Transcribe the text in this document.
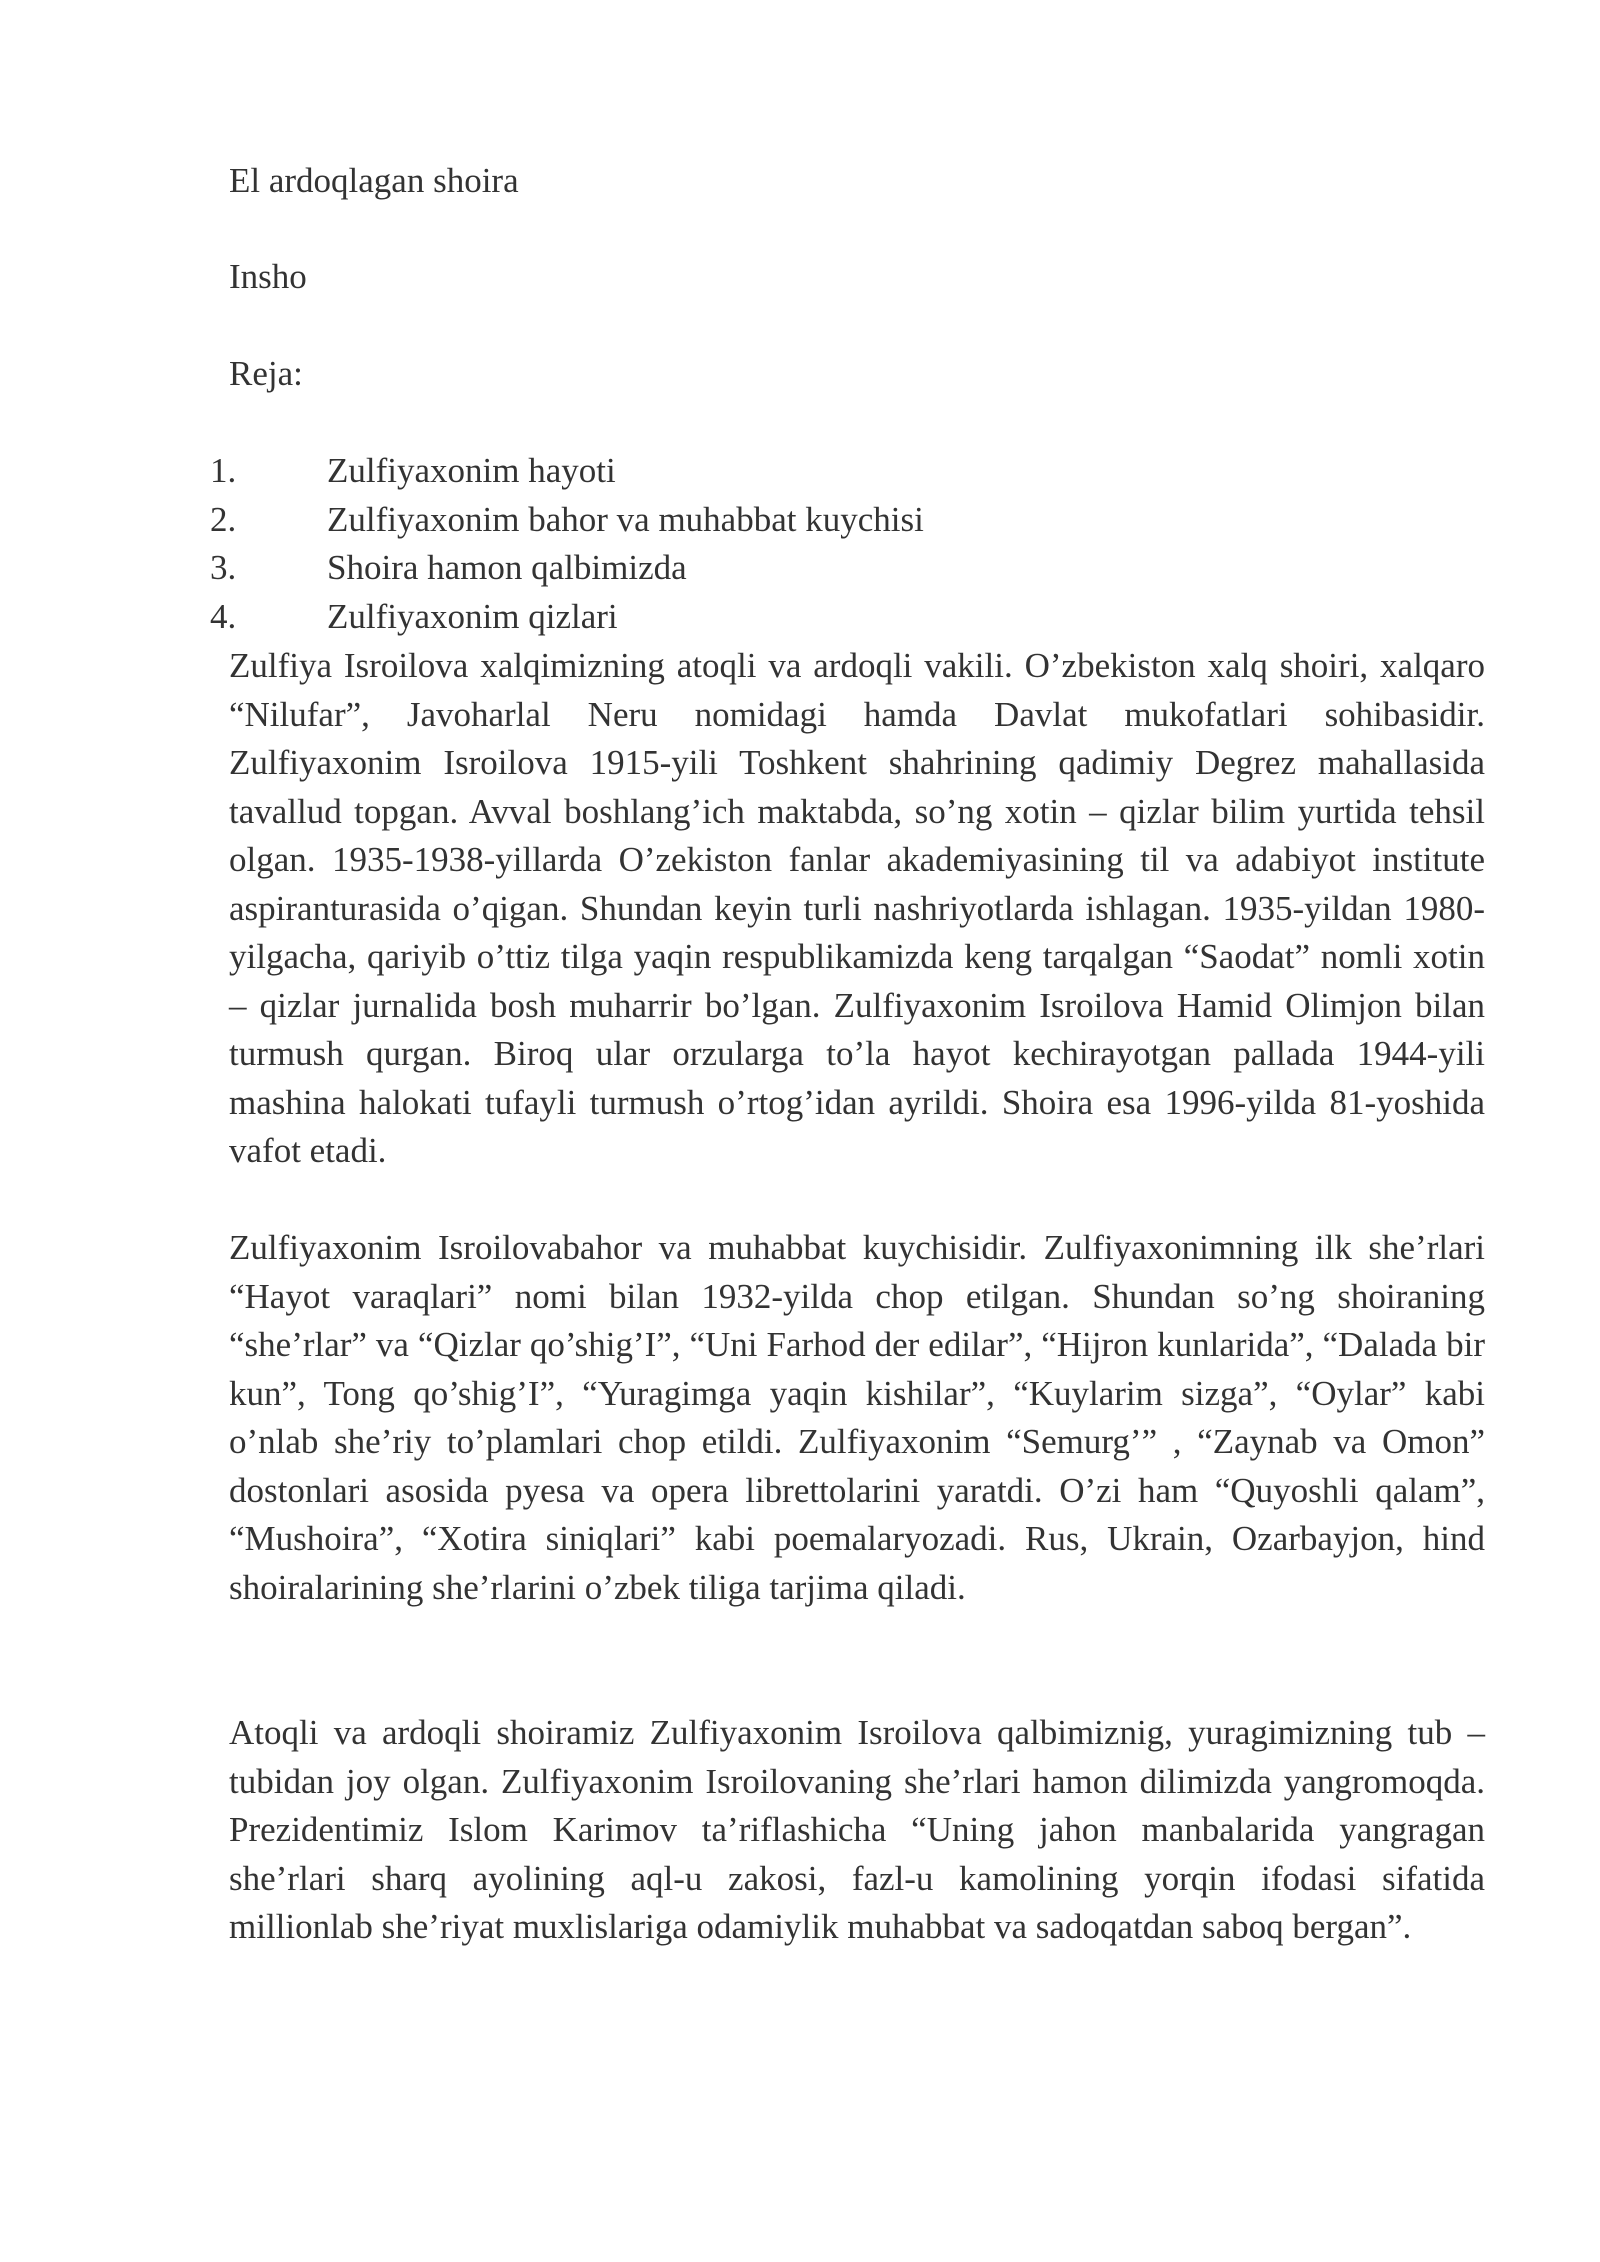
El ardoqlagan shoira
Insho
Reja:
1.	Zulfiyaxonim hayoti
2.	Zulfiyaxonim bahor va muhabbat kuychisi
3.	Shoira hamon qalbimizda
4.	Zulfiyaxonim qizlari

Zulfiya Isroilova xalqimizning atoqli va ardoqli vakili. O’zbekiston xalq shoiri, xalqaro “Nilufar”, Javoharlal Neru nomidagi hamda Davlat mukofatlari sohibasidir. Zulfiyaxonim Isroilova 1915-yili Toshkent shahrining qadimiy Degrez mahallasida tavallud topgan. Avval boshlang’ich maktabda, so’ng xotin – qizlar bilim yurtida tehsil olgan. 1935-1938-yillarda O’zekiston fanlar akademiyasining til va adabiyot institute aspiranturasida o’qigan. Shundan keyin turli nashriyotlarda ishlagan. 1935-yildan 1980-yilgacha, qariyib o’ttiz tilga yaqin respublikamizda keng tarqalgan “Saodat” nomli xotin – qizlar jurnalida bosh muharrir bo’lgan. Zulfiyaxonim Isroilova Hamid Olimjon bilan turmush qurgan. Biroq ular orzularga to’la hayot kechirayotgan pallada 1944-yili mashina halokati tufayli turmush o’rtog’idan ayrildi. Shoira esa 1996-yilda 81-yoshida vafot etadi.

Zulfiyaxonim Isroilovabahor va muhabbat kuychisidir. Zulfiyaxonimning ilk she’rlari “Hayot varaqlari” nomi bilan 1932-yilda chop etilgan. Shundan so’ng shoiraning “she’rlar” va “Qizlar qo’shig’I”, “Uni Farhod der edilar”, “Hijron kunlarida”, “Dalada bir kun”, Tong qo’shig’I”, “Yuragimga yaqin kishilar”, “Kuylarim sizga”, “Oylar” kabi o’nlab she’riy to’plamlari chop etildi. Zulfiyaxonim “Semurg’” , “Zaynab va Omon” dostonlari asosida pyesa va opera librettolarini yaratdi. O’zi ham “Quyoshli qalam”, “Mushoira”, “Xotira siniqlari” kabi poemalaryozadi. Rus, Ukrain, Ozarbayjon, hind shoiralarining she’rlarini o’zbek tiliga tarjima qiladi.

Atoqli va ardoqli shoiramiz Zulfiyaxonim Isroilova qalbimiznig, yuragimizning tub – tubidan joy olgan. Zulfiyaxonim Isroilovaning she’rlari hamon dilimizda yangromoqda. Prezidentimiz Islom Karimov ta’riflashicha “Uning jahon manbalarida yangragan she’rlari sharq ayolining aql-u zakosi, fazl-u kamolining yorqin ifodasi sifatida millionlab she’riyat muxlislariga odamiylik muhabbat va sadoqatdan saboq bergan”.
